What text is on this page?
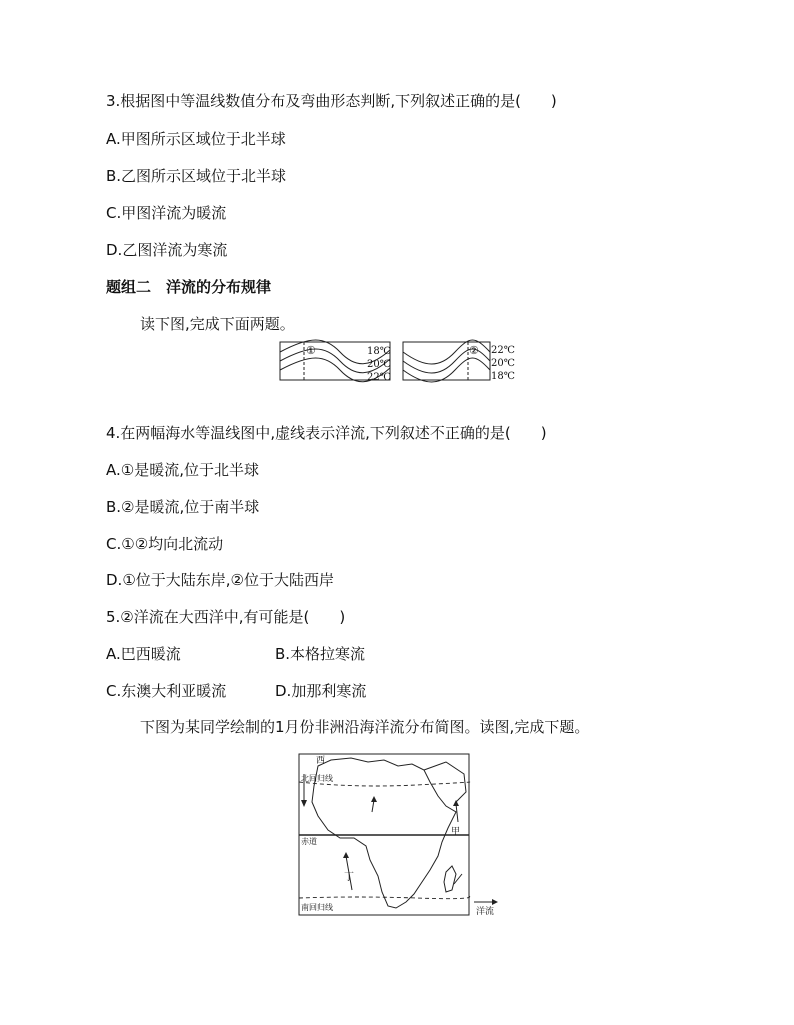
3.根据图中等温线数值分布及弯曲形态判断,下列叙述正确的是(　　)
A.甲图所示区域位于北半球
B.乙图所示区域位于北半球
C.甲图洋流为暖流
D.乙图洋流为寒流
题组二　洋流的分布规律
读下图,完成下面两题。
①	18℃
20℃
22℃
② 22℃
20℃
18℃
4.在两幅海水等温线图中,虚线表示洋流,下列叙述不正确的是(　　)
A.①是暖流,位于北半球
B.②是暖流,位于南半球
C.①②均向北流动
D.①位于大陆东岸,②位于大陆西岸
5.②洋流在大西洋中,有可能是(　　)
A.巴西暖流	B.本格拉寒流
C.东澳大利亚暖流	D.加那利寒流
下图为某同学绘制的1月份非洲沿海洋流分布简图。读图,完成下题。
西
北回归线
赤道
南回归线
甲
丁
洋流
